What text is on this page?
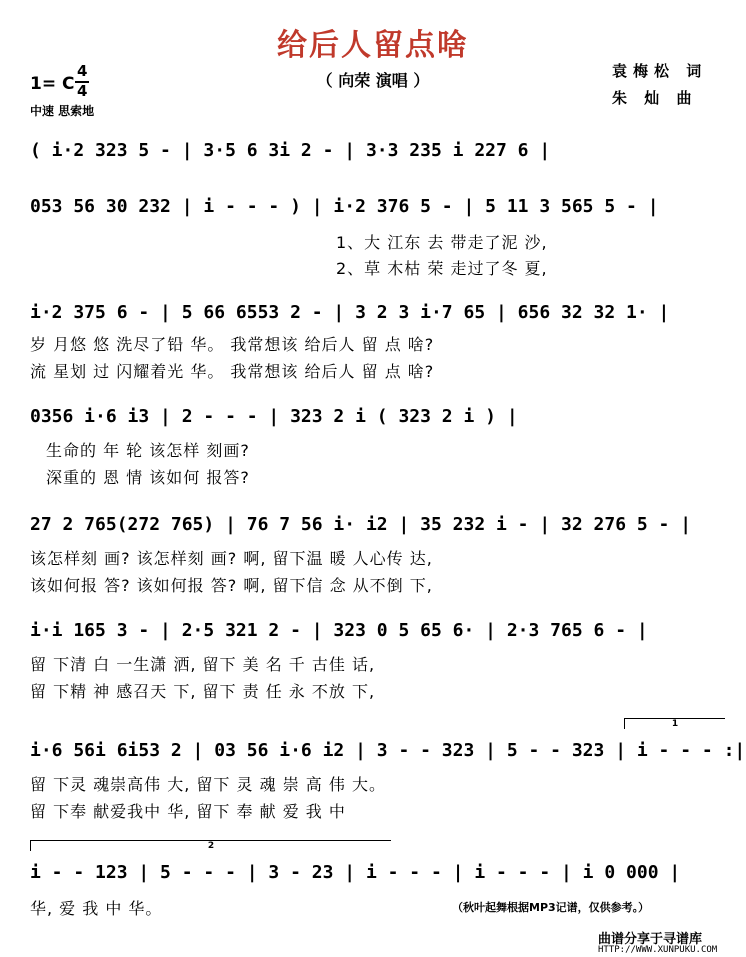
给后人留点啥
（ 向荣 演唱 ）	袁梅松 词
朱 灿 曲
1= C
4
4
中速 思索地
( i·2 323 5 - | 3·5 6 3i 2 - | 3·3 235 i 227 6 |
053 56 30 232 | i - - - ) | i·2 376 5 - | 5 11 3 565 5 - |
1、大 江东 去 带走了泥 沙,
2、草 木枯 荣 走过了冬 夏,
i·2 375 6 - | 5 66 6553 2 - | 3 2 3 i·7 65 | 656 32 32 1· |
岁 月悠 悠 洗尽了铅 华。 我常想该 给后人 留 点 啥?
流 星划 过 闪耀着光 华。 我常想该 给后人 留 点 啥?
0356 i·6 i3 | 2 - - - | 323 2 i ( 323 2 i ) |
生命的 年 轮 该怎样 刻画?
深重的 恩 情 该如何 报答?
27 2 765(272 765) | 76 7 56 i· i2 | 35 232 i - | 32 276 5 - |
该怎样刻 画? 该怎样刻 画? 啊, 留下温 暖 人心传 达,
该如何报 答? 该如何报 答? 啊, 留下信 念 从不倒 下,
i·i 165 3 - | 2·5 321 2 - | 323 0 5 65 6· | 2·3 765 6 - |
留 下清 白 一生潇 洒, 留下 美 名 千 古佳 话,
留 下精 神 感召天 下, 留下 责 任 永 不放 下,
1
i·6 56i 6i53 2 | 03 56 i·6 i2 | 3 - - 323 | 5 - - 323 | i - - - :|
留 下灵 魂崇高伟 大, 留下 灵 魂 崇 高 伟 大。
留 下奉 献爱我中 华, 留下 奉 献 爱 我 中
2
i - - 123 | 5 - - - | 3 - 23 | i - - - | i - - - | i 0 000 |
华, 爱 我 中 华。	（秋叶起舞根据MP3记谱，仅供参考。）
曲谱分享于寻谱库
HTTP://WWW.XUNPUKU.COM
